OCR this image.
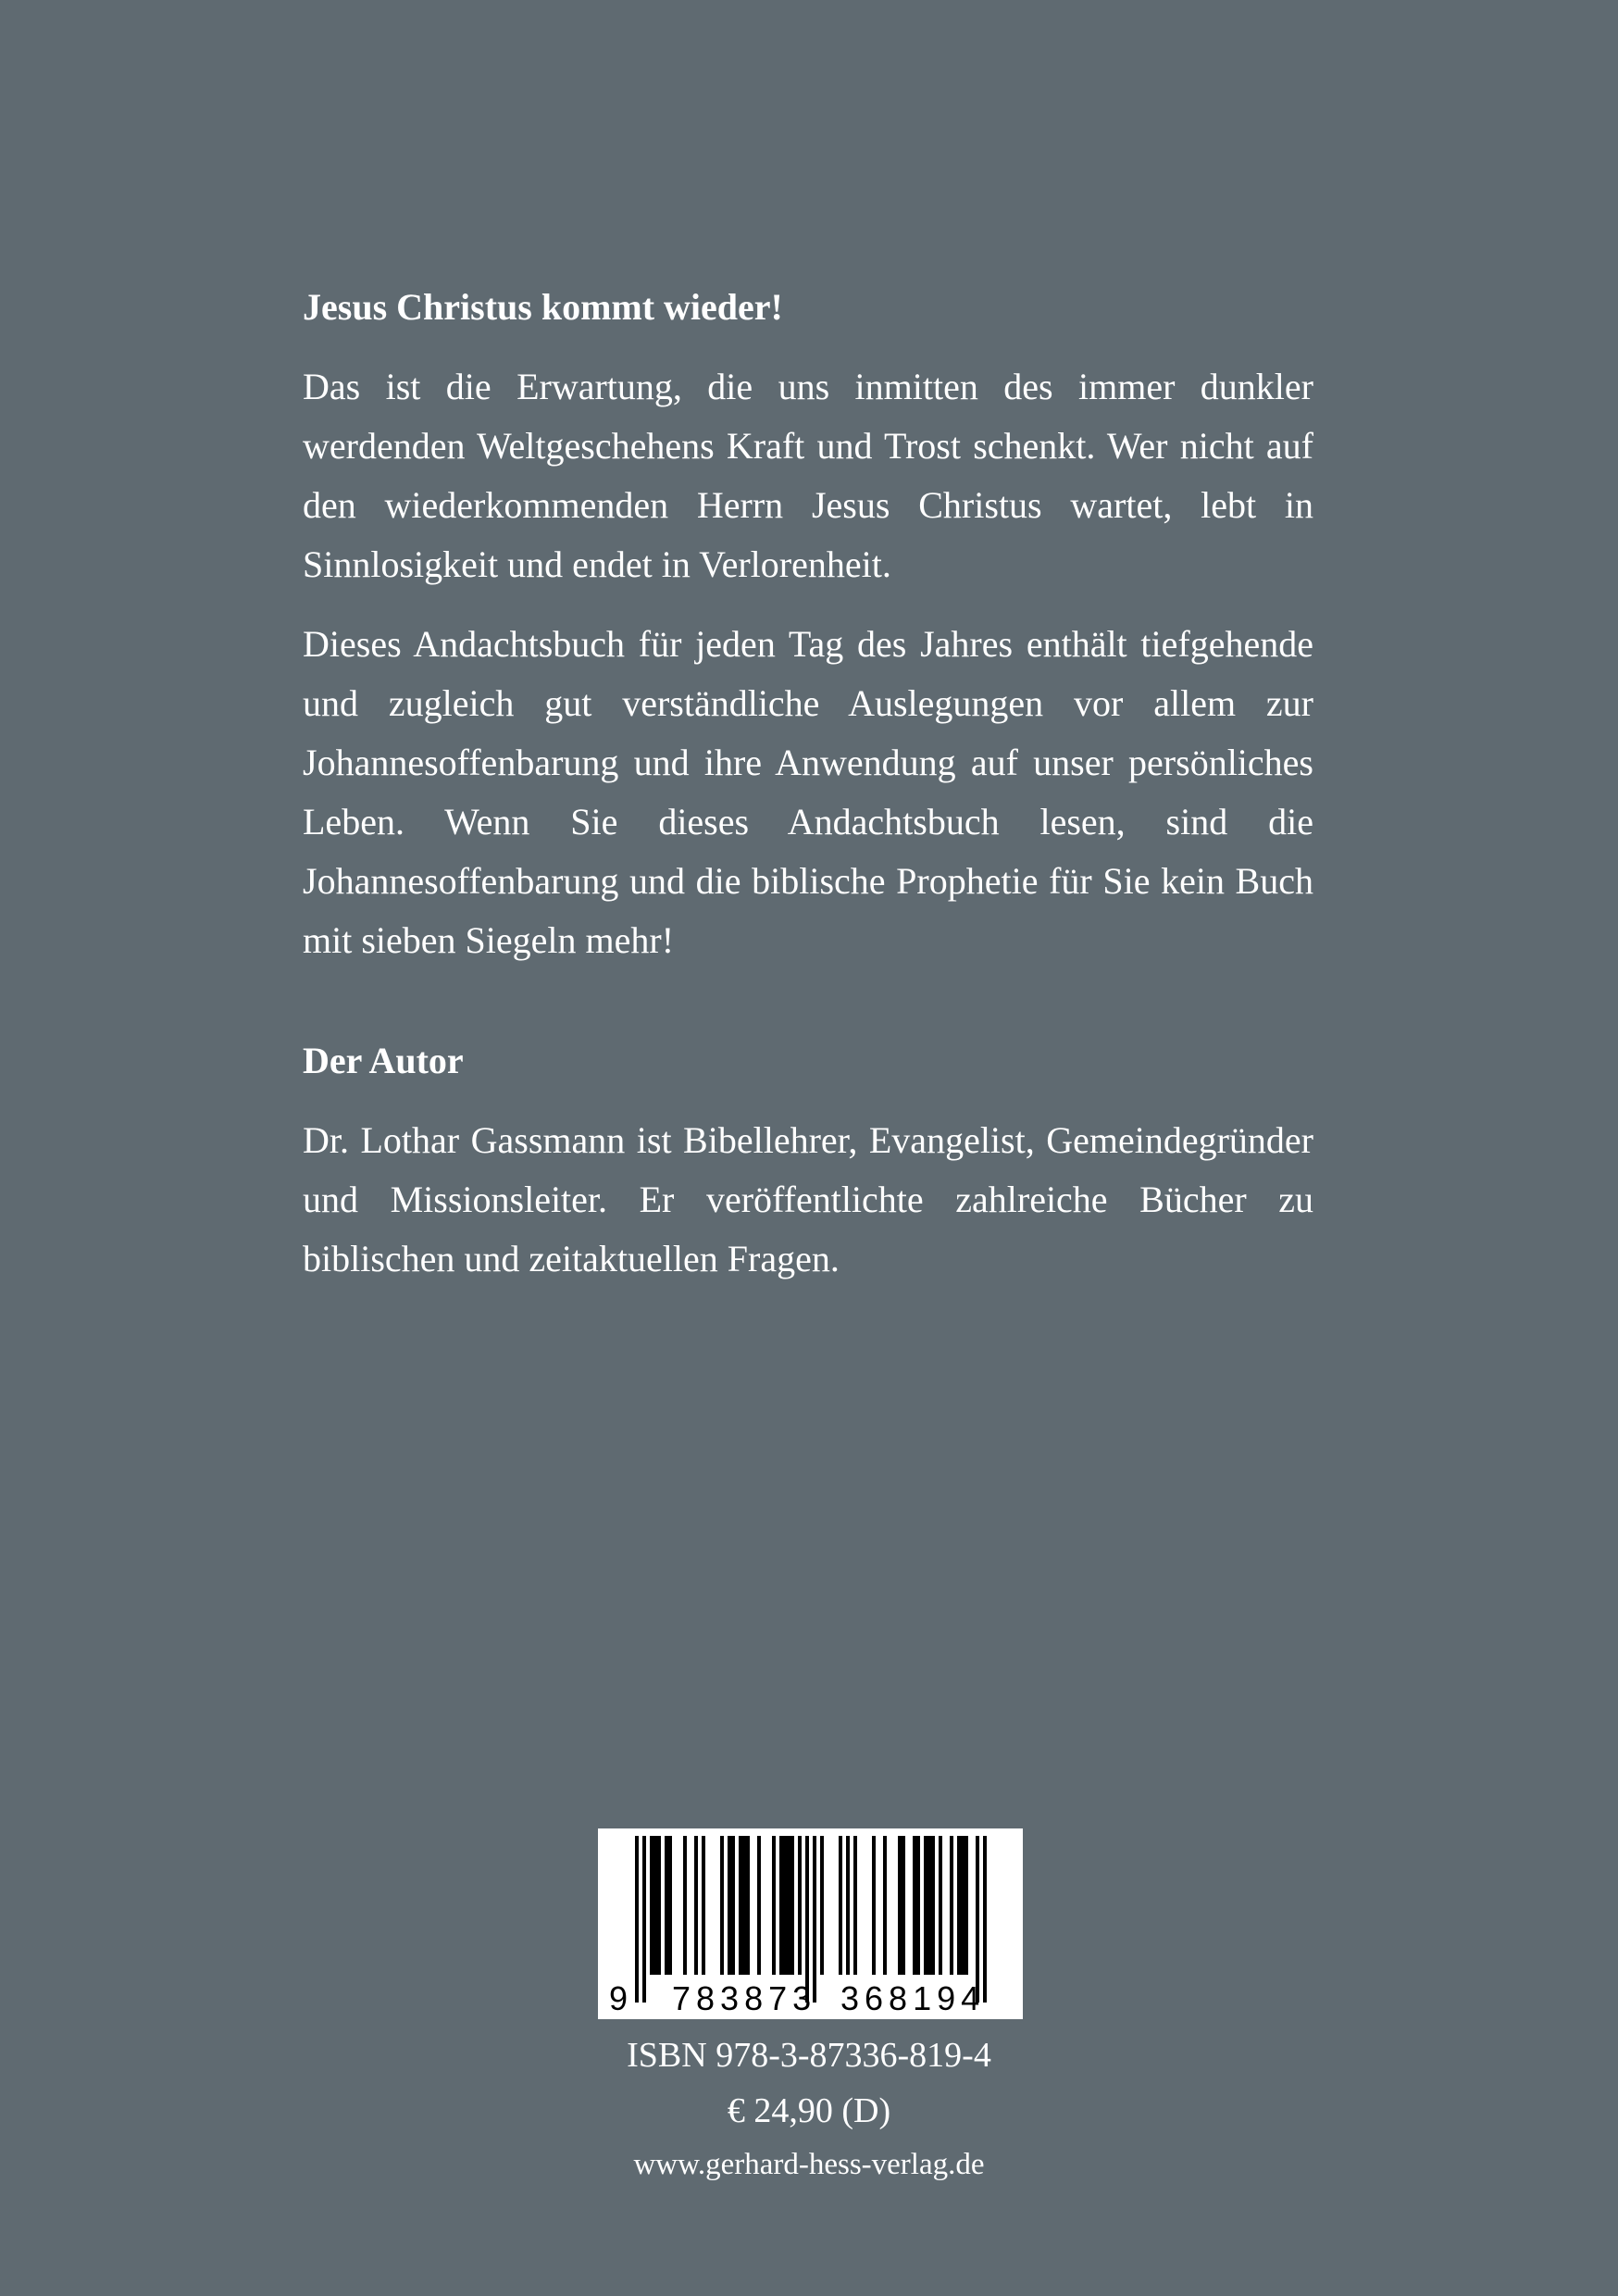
Jesus Christus kommt wieder!
Das ist die Erwartung, die uns inmitten des immer dunkler werdenden Weltgeschehens Kraft und Trost schenkt. Wer nicht auf den wiederkommenden Herrn Jesus Christus wartet, lebt in Sinnlosigkeit und endet in Verlorenheit.
Dieses Andachtsbuch für jeden Tag des Jahres enthält tiefgehende und zugleich gut verständliche Auslegungen vor allem zur Johannesoffenbarung und ihre Anwendung auf unser persönliches Leben. Wenn Sie dieses Andachtsbuch lesen, sind die Johannesoffenbarung und die biblische Prophetie für Sie kein Buch mit sieben Siegeln mehr!
Der Autor
Dr. Lothar Gassmann ist Bibellehrer, Evangelist, Gemeindegründer und Missionsleiter. Er veröffentlichte zahlreiche Bücher zu biblischen und zeitaktuellen Fragen.
9 783873 368194
ISBN 978-3-87336-819-4
€ 24,90 (D)
www.gerhard-hess-verlag.de
